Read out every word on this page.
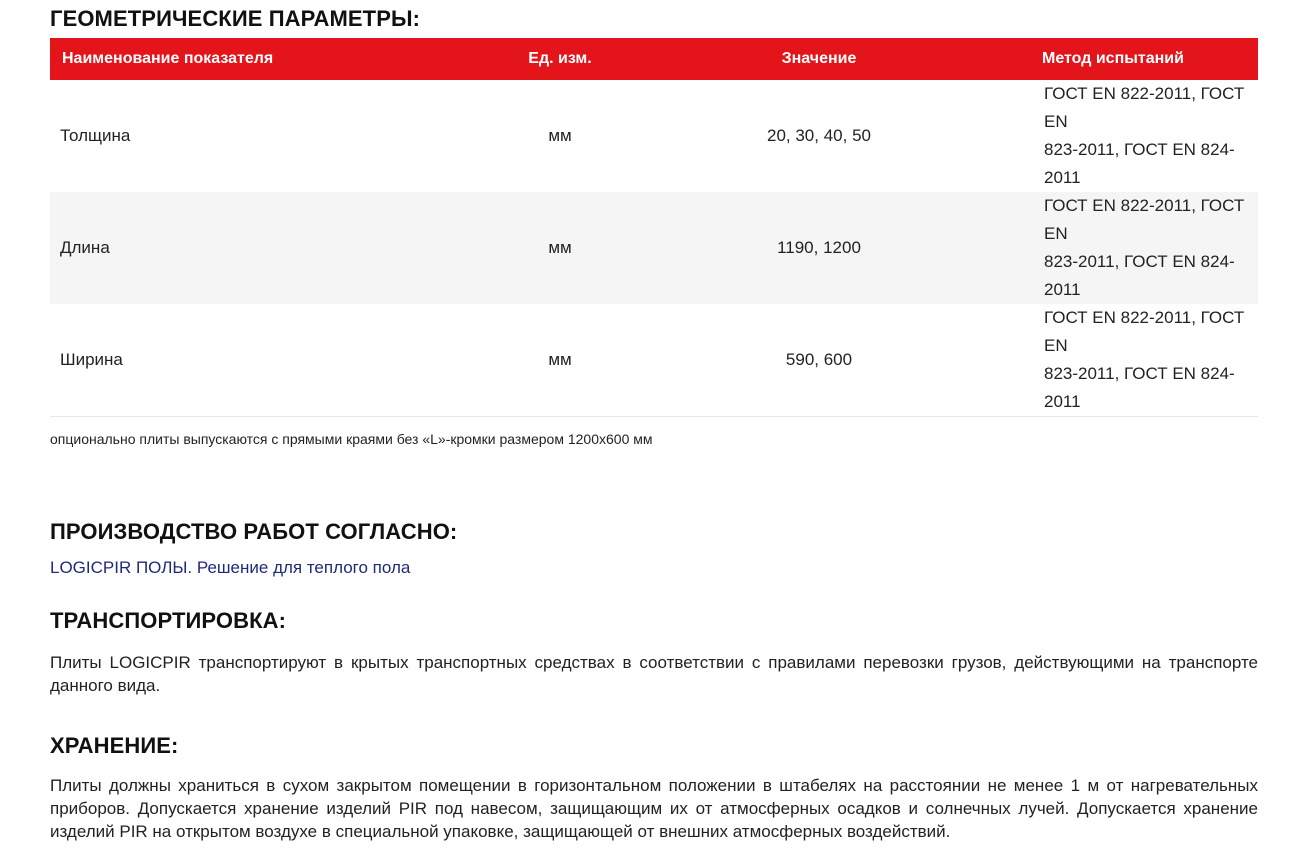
ГЕОМЕТРИЧЕСКИЕ ПАРАМЕТРЫ:
Наименование показателя	Ед. изм.	Значение	Метод испытаний
Толщина	мм	20, 30, 40, 50	ГОСТ EN 822-2011, ГОСТ EN
823-2011, ГОСТ EN 824-2011
Длина	мм	1190, 1200	ГОСТ EN 822-2011, ГОСТ EN
823-2011, ГОСТ EN 824-2011
Ширина	мм	590, 600	ГОСТ EN 822-2011, ГОСТ EN
823-2011, ГОСТ EN 824-2011
опционально плиты выпускаются с прямыми краями без «L»-кромки размером 1200х600 мм
ПРОИЗВОДСТВО РАБОТ СОГЛАСНО:
LOGICPIR ПОЛЫ. Решение для теплого пола
ТРАНСПОРТИРОВКА:
Плиты LOGICPIR транспортируют в крытых транспортных средствах в соответствии с правилами перевозки грузов, действующими на транспорте данного вида.
ХРАНЕНИЕ:
Плиты должны храниться в сухом закрытом помещении в горизонтальном положении в штабелях на расстоянии не менее 1 м от нагревательных приборов. Допускается хранение изделий PIR под навесом, защищающим их от атмосферных осадков и солнечных лучей. Допускается хранение изделий PIR на открытом воздухе в специальной упаковке, защищающей от внешних атмосферных воздействий.
